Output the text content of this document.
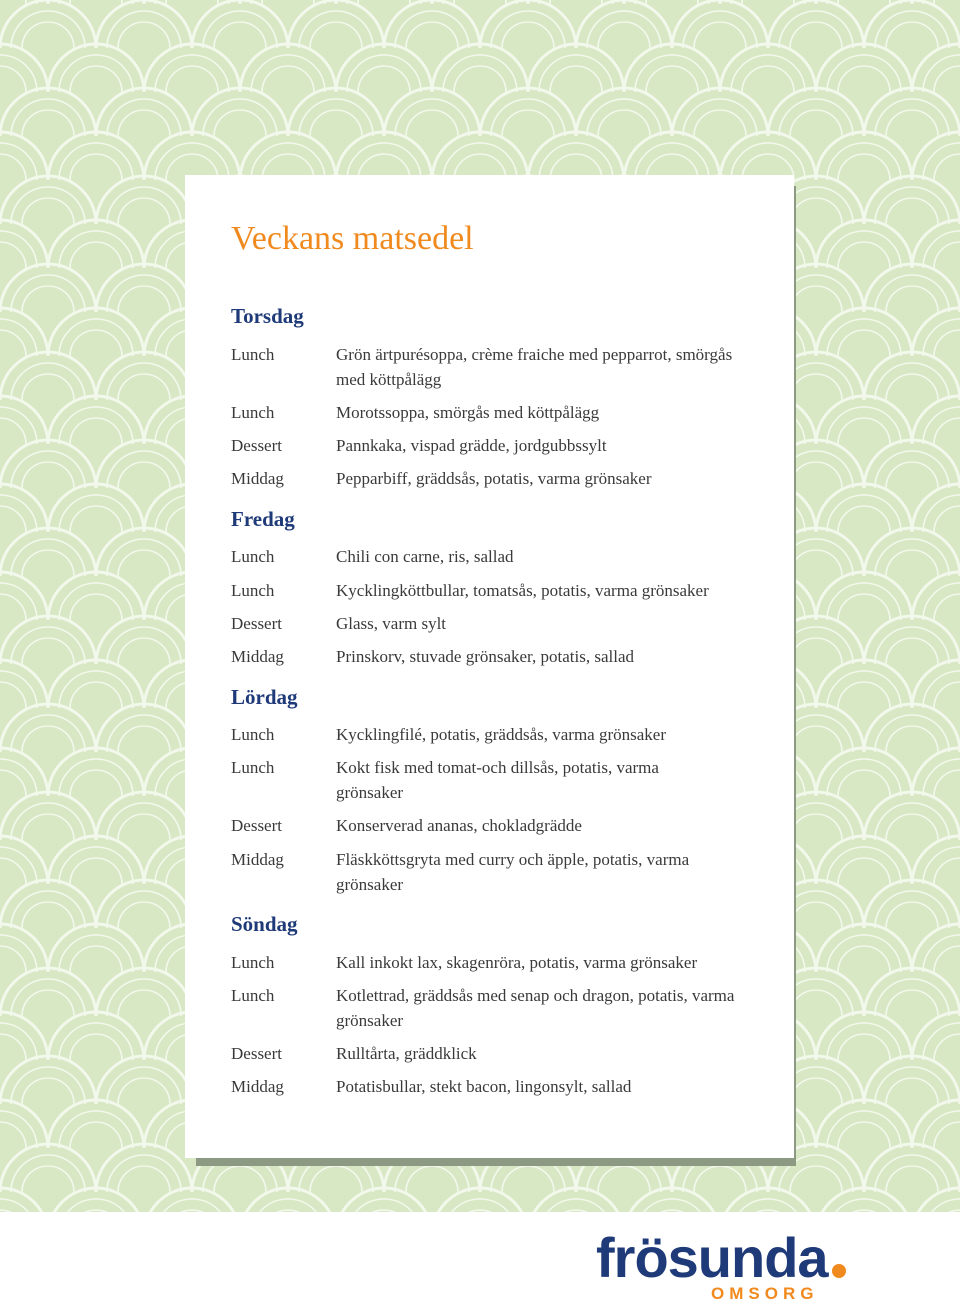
Veckans matsedel
Torsdag

Lunch	Grön ärtpurésoppa, crème fraiche med pepparrot, smörgås med köttpålägg

Lunch	Morotssoppa, smörgås med köttpålägg

Dessert	Pannkaka, vispad grädde, jordgubbssylt

Middag	Pepparbiff, gräddsås, potatis, varma grönsaker

Fredag

Lunch	Chili con carne, ris, sallad

Lunch	Kycklingköttbullar, tomatsås, potatis, varma grönsaker

Dessert	Glass, varm sylt

Middag	Prinskorv, stuvade grönsaker, potatis, sallad

Lördag

Lunch	Kycklingfilé, potatis, gräddsås, varma grönsaker

Lunch	Kokt fisk med tomat-och dillsås, potatis, varma grönsaker

Dessert	Konserverad ananas, chokladgrädde

Middag	Fläskköttsgryta med curry och äpple, potatis, varma grönsaker

Söndag

Lunch	Kall inkokt lax, skagenröra, potatis, varma grönsaker

Lunch	Kotlettrad, gräddsås med senap och dragon, potatis, varma grönsaker

Dessert	Rulltårta, gräddklick

Middag	Potatisbullar, stekt bacon, lingonsylt, sallad

frösunda
OMSORG
